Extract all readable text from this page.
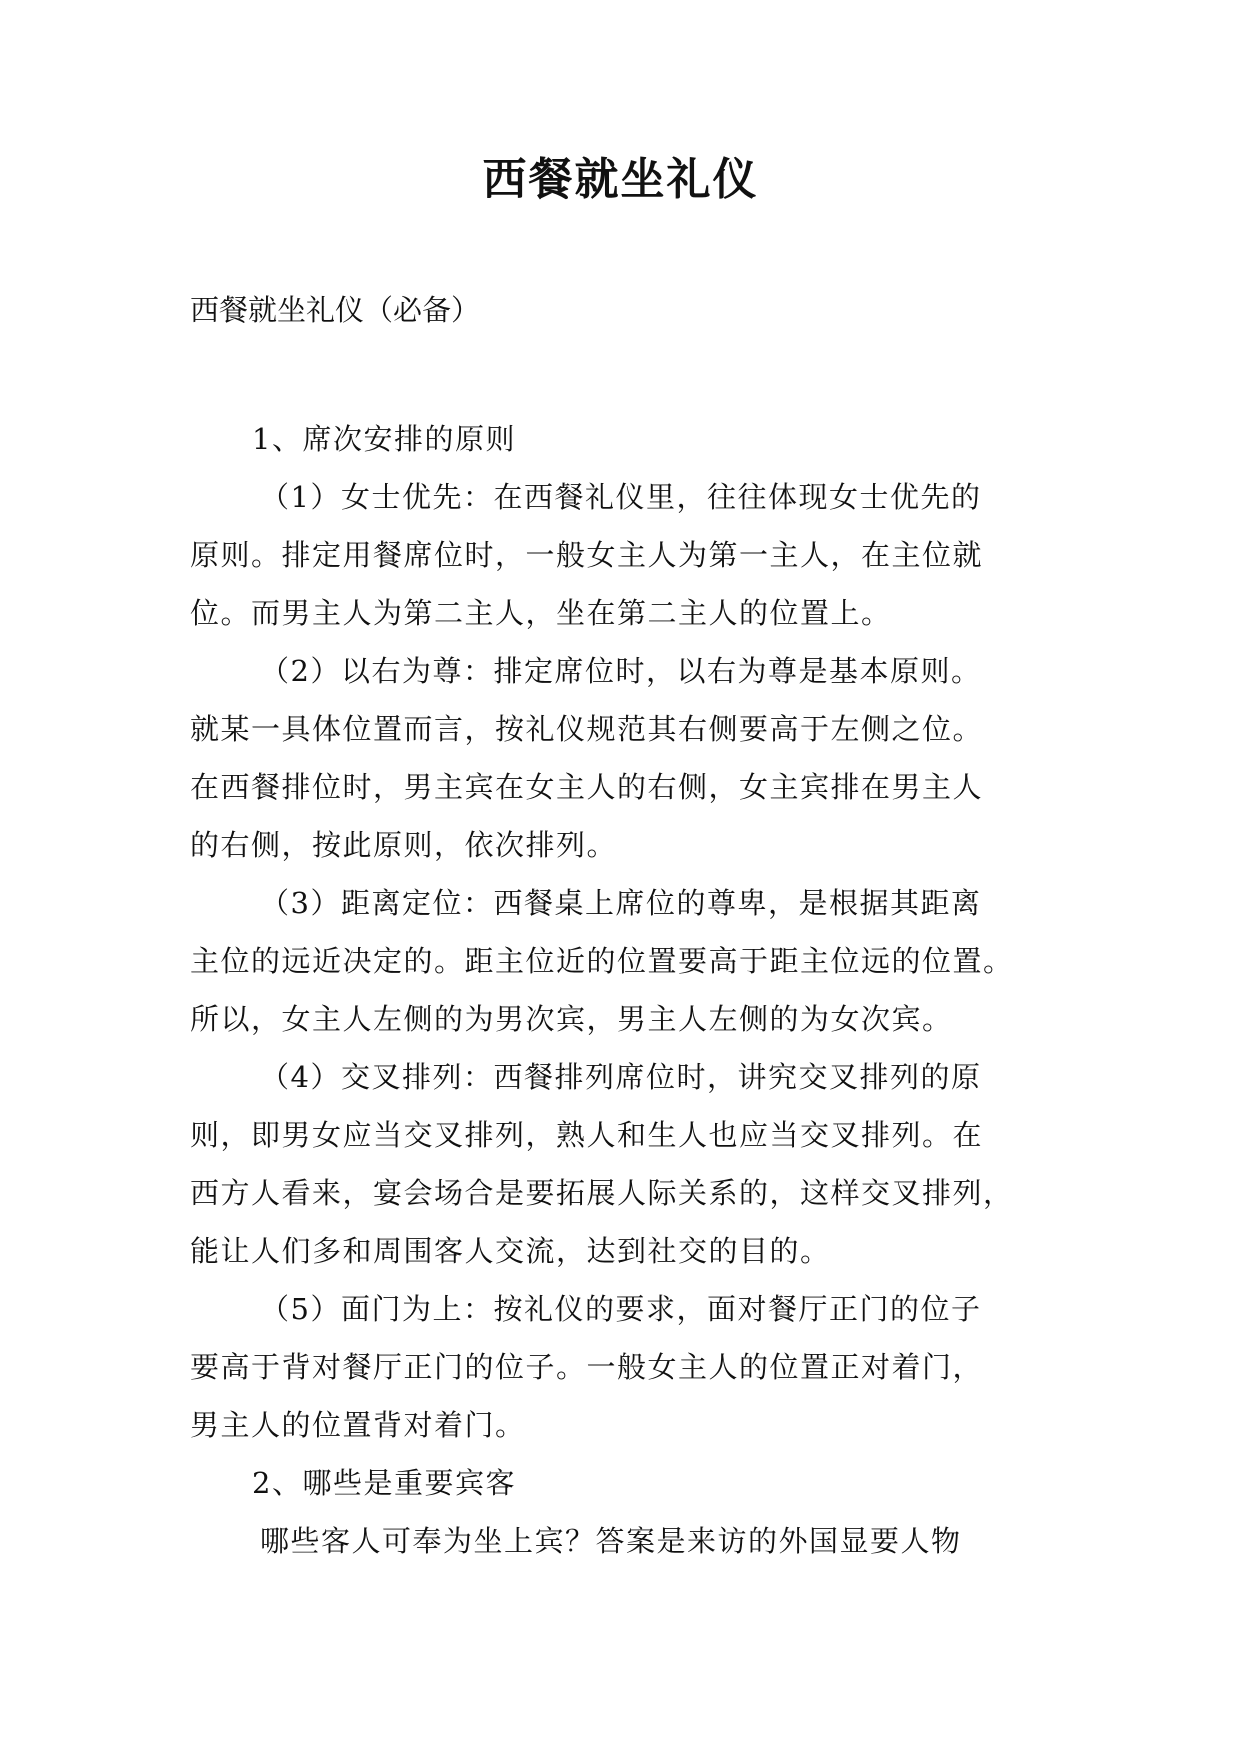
西餐就坐礼仪
西餐就坐礼仪（必备）
1、席次安排的原则
（1）女士优先：在西餐礼仪里，往往体现女士优先的
原则。排定用餐席位时，一般女主人为第一主人，在主位就
位。而男主人为第二主人，坐在第二主人的位置上。
（2）以右为尊：排定席位时，以右为尊是基本原则。
就某一具体位置而言，按礼仪规范其右侧要高于左侧之位。
在西餐排位时，男主宾在女主人的右侧，女主宾排在男主人
的右侧，按此原则，依次排列。
（3）距离定位：西餐桌上席位的尊卑，是根据其距离
主位的远近决定的。距主位近的位置要高于距主位远的位置。
所以，女主人左侧的为男次宾，男主人左侧的为女次宾。
（4）交叉排列：西餐排列席位时，讲究交叉排列的原
则，即男女应当交叉排列，熟人和生人也应当交叉排列。在
西方人看来，宴会场合是要拓展人际关系的，这样交叉排列，
能让人们多和周围客人交流，达到社交的目的。
（5）面门为上：按礼仪的要求，面对餐厅正门的位子
要高于背对餐厅正门的位子。一般女主人的位置正对着门，
男主人的位置背对着门。
2、哪些是重要宾客
哪些客人可奉为坐上宾？答案是来访的外国显要人物
